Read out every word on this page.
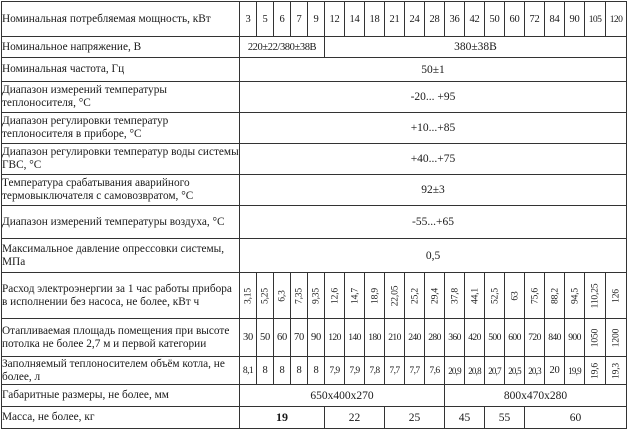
Номинальная потребляемая мощность, кВт	3	5	6	7	9	12	14	18	21	24	28	36	42	50	60	72	84	90	105	120
Номинальное напряжение, В	220±22/380±38В					380±38В														
Номинальная частота, Гц	50±1																			
Диапазон измерений температуры теплоносителя, °С	-20... +95																			
Диапазон регулировки температур теплоносителя в приборе, °С	+10...+85																			
Диапазон регулировки температур воды системы ГВС, °С	+40...+75																			
Температура срабатывания аварийного термовыключателя с самовозвратом, °С	92±3																			
Диапазон измерений температуры воздуха, °С	-55...+65																			
Максимальное давление опрессовки системы, МПа	0,5																			
Расход электроэнергии за 1 час работы прибора в исполнении без насоса, не более, кВт ч	3,15	5,25	6,3	7,35	9,35	12,6	14,7	18,9	22,05	25,2	29,4	37,8	44,1	52,5	63	75,6	88,2	94,5	110,25	126

Отапливаемая площадь помещения при высоте потолка не более 2,7 м и первой категории	30	50	60	70	90	120	140	180	210	240	280	360	420	500	600	720	840	900	1050	1200

Заполняемый теплоносителем объём котла, не более, л	8,1	8	8	8	8	7,9	7,9	7,8	7,7	7,7	7,6	20,9	20,8	20,7	20,5	20,3	20	19,9	19,6	19,3

Габаритные размеры, не более, мм	650x400x270											800x470x280								
Масса, не более, кг	19					22			25			45		55		60				
